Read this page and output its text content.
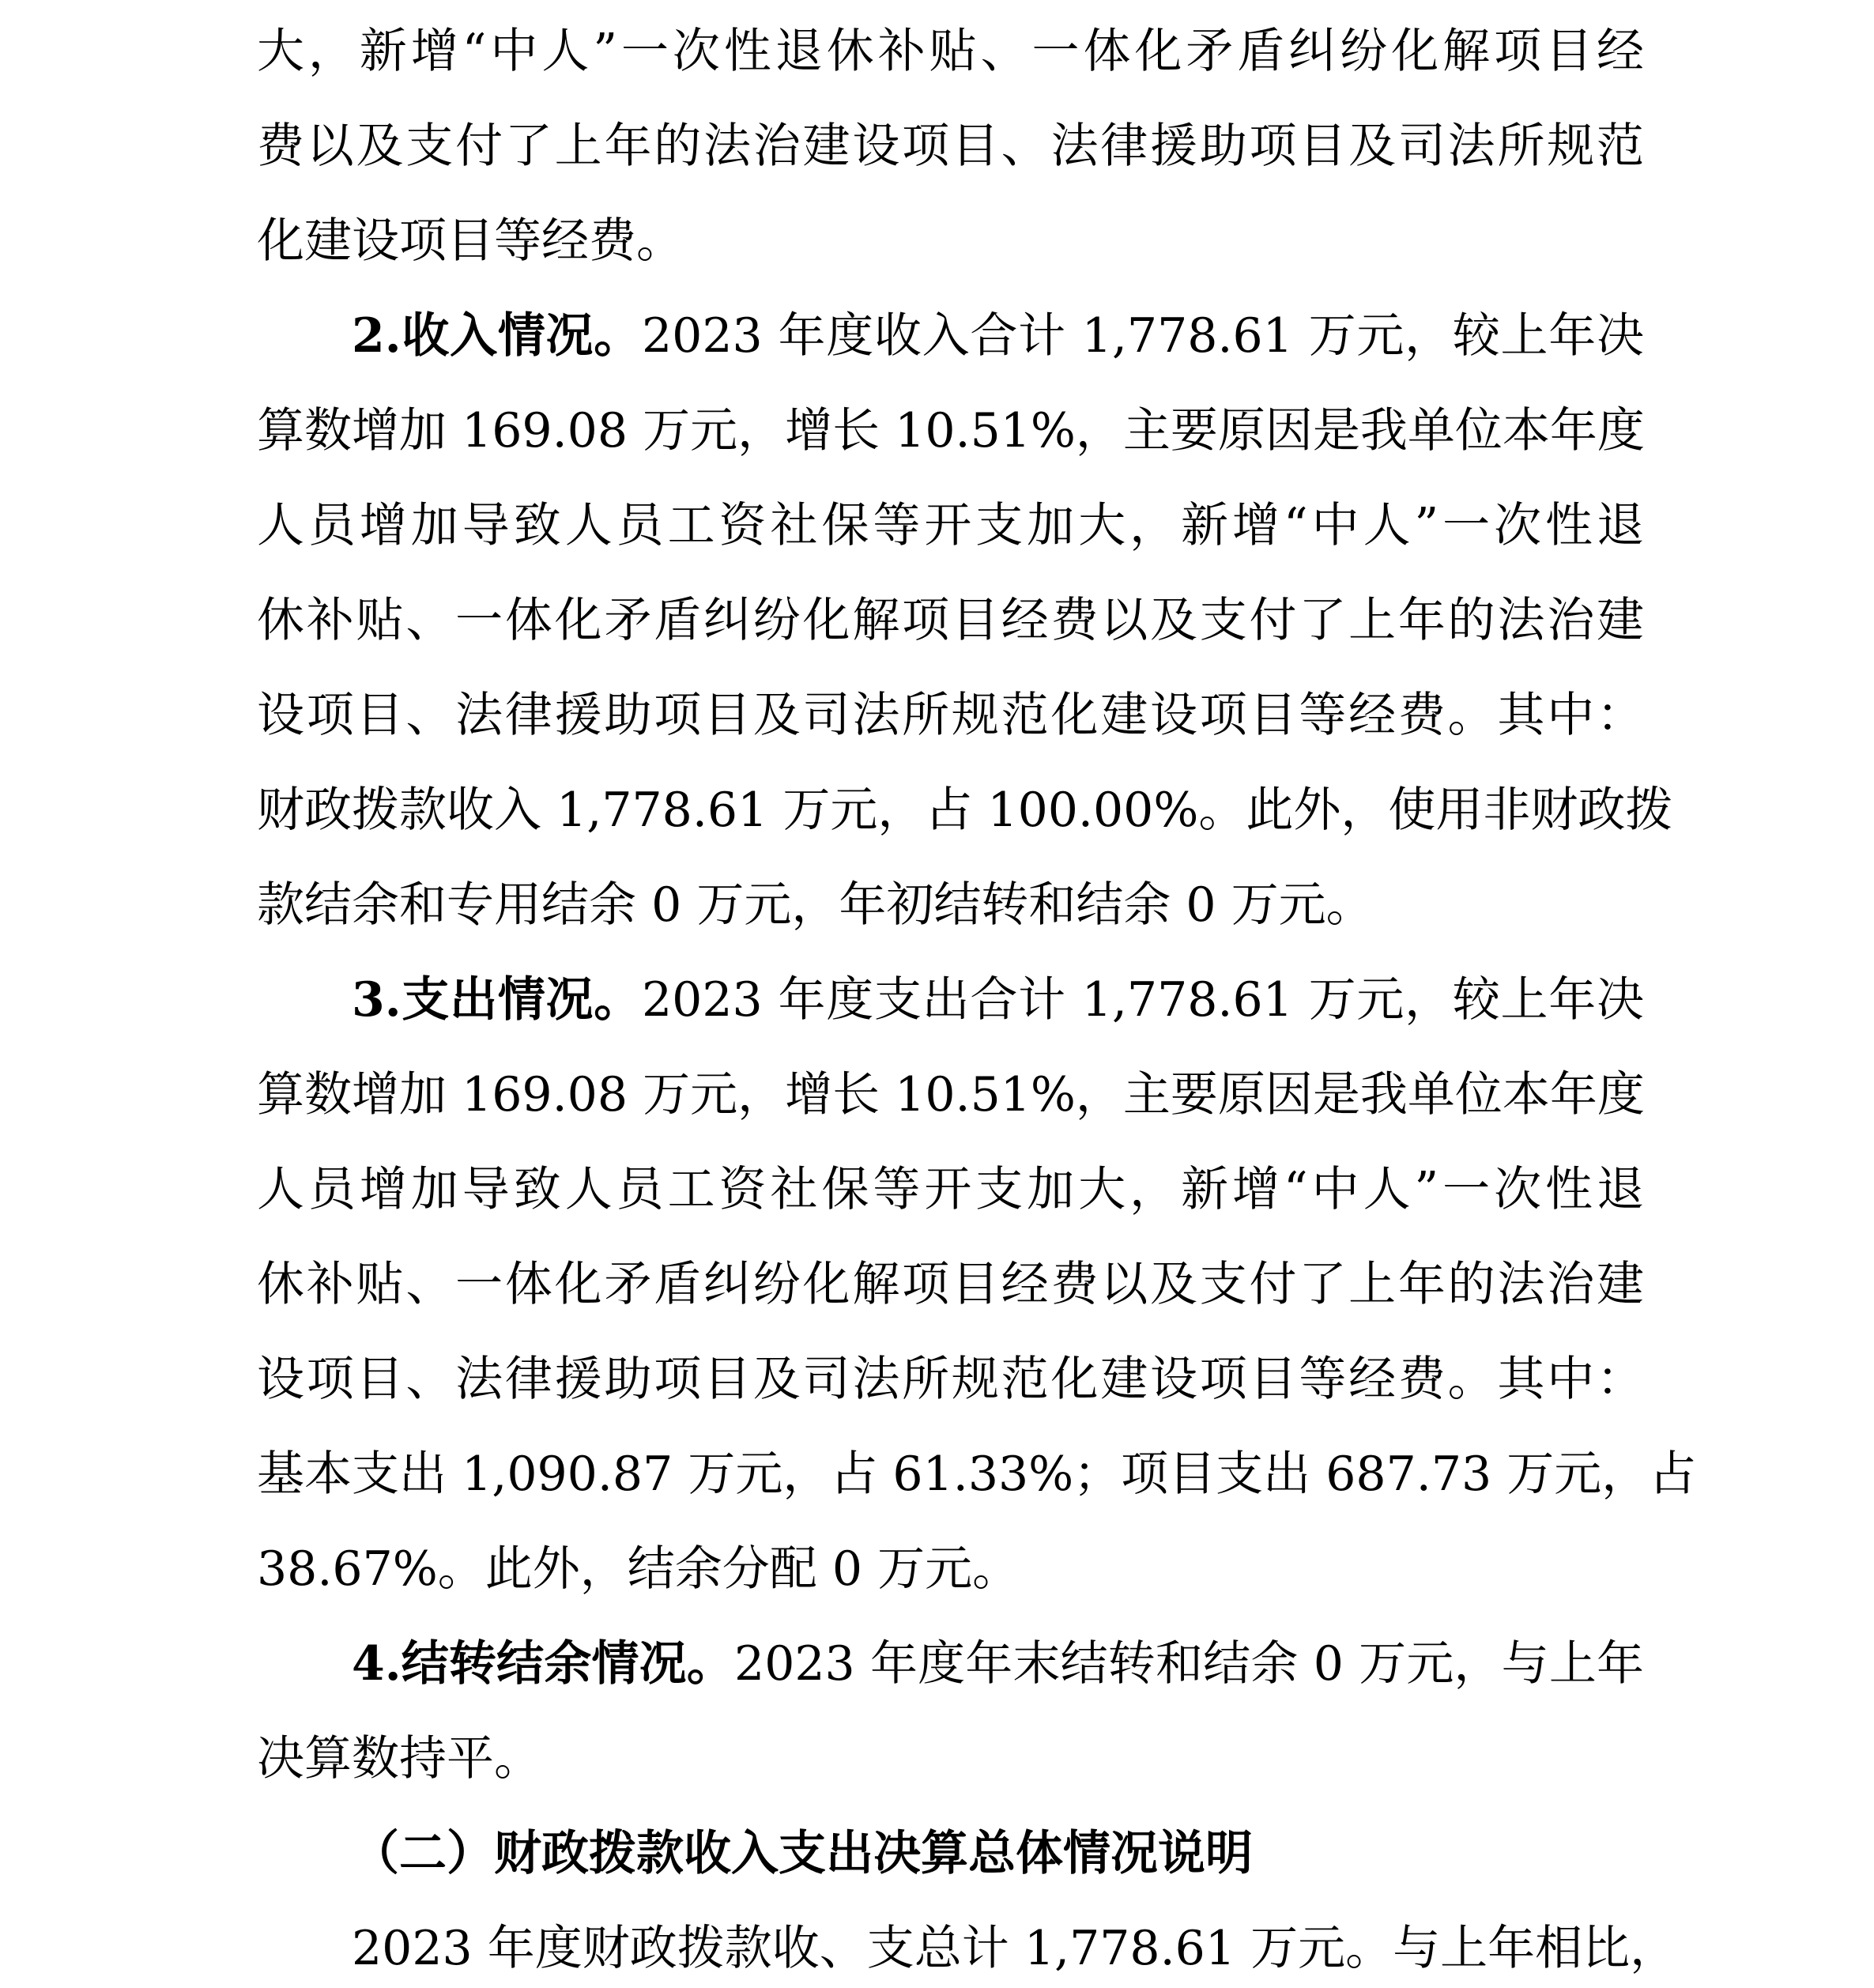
大，新增“中人”一次性退休补贴、一体化矛盾纠纷化解项目经
费以及支付了上年的法治建设项目、法律援助项目及司法所规范
化建设项目等经费。
2.收入情况。2023 年度收入合计 1,778.61 万元，较上年决
算数增加 169.08 万元，增长 10.51%，主要原因是我单位本年度
人员增加导致人员工资社保等开支加大，新增“中人”一次性退
休补贴、一体化矛盾纠纷化解项目经费以及支付了上年的法治建
设项目、法律援助项目及司法所规范化建设项目等经费。其中：
财政拨款收入 1,778.61 万元，占 100.00%。此外，使用非财政拨
款结余和专用结余 0 万元，年初结转和结余 0 万元。
3.支出情况。2023 年度支出合计 1,778.61 万元，较上年决
算数增加 169.08 万元，增长 10.51%，主要原因是我单位本年度
人员增加导致人员工资社保等开支加大，新增“中人”一次性退
休补贴、一体化矛盾纠纷化解项目经费以及支付了上年的法治建
设项目、法律援助项目及司法所规范化建设项目等经费。其中：
基本支出 1,090.87 万元，占 61.33%；项目支出 687.73 万元，占
38.67%。此外，结余分配 0 万元。
4.结转结余情况。2023 年度年末结转和结余 0 万元，与上年
决算数持平。
（二）财政拨款收入支出决算总体情况说明
2023 年度财政拨款收、支总计 1,778.61 万元。与上年相比，
